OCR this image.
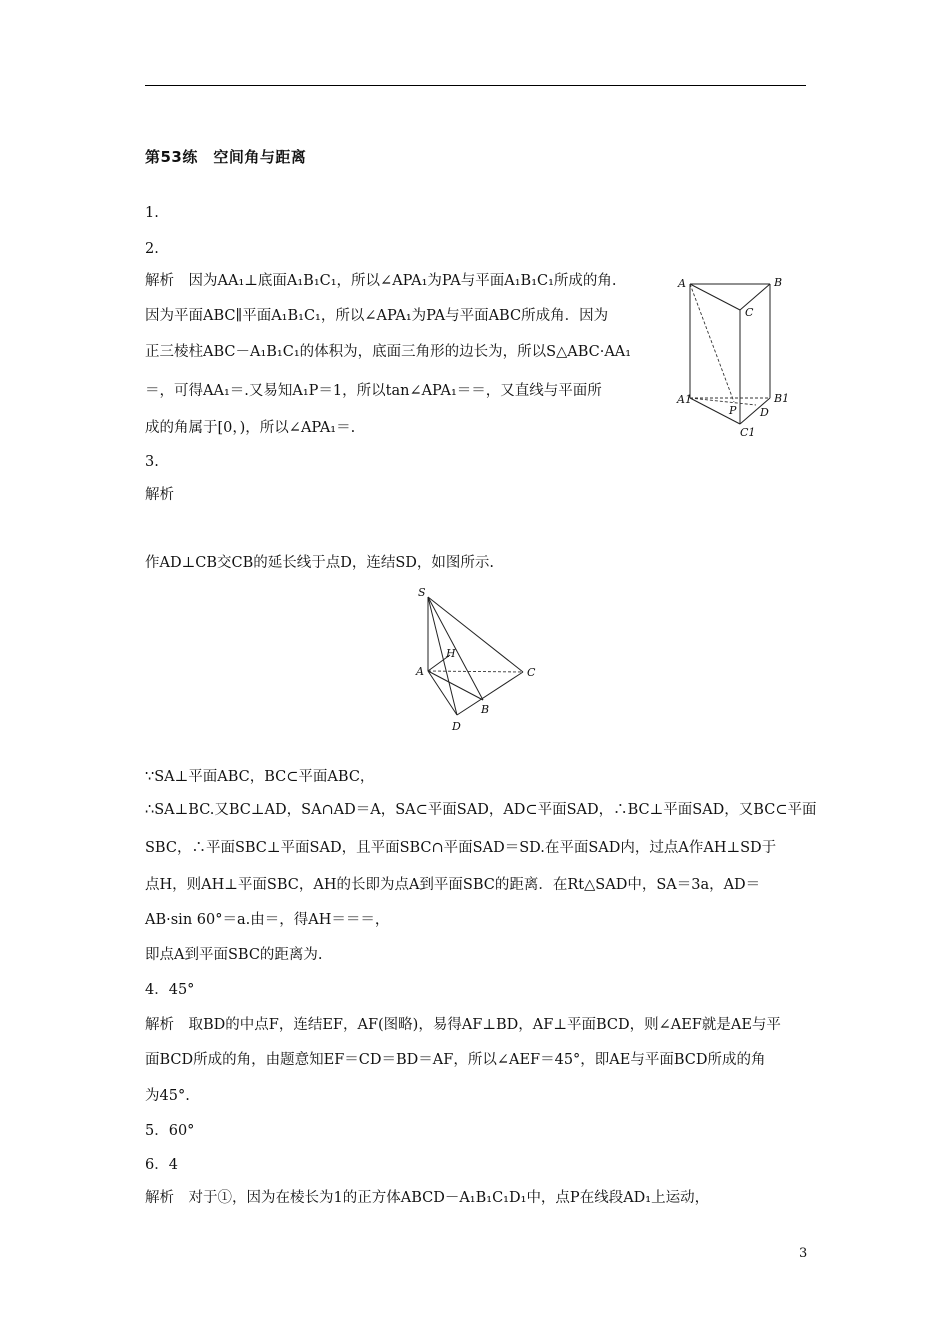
第53练　空间角与距离
1.
2.
解析　因为AA₁⊥底面A₁B₁C₁，所以∠APA₁为PA与平面A₁B₁C₁所成的角.
因为平面ABC∥平面A₁B₁C₁，所以∠APA₁为PA与平面ABC所成角．因为
正三棱柱ABC－A₁B₁C₁的体积为，底面三角形的边长为，所以S△ABC·AA₁
＝，可得AA₁＝.又易知A₁P＝1，所以tan∠APA₁＝＝，又直线与平面所
成的角属于[0，)，所以∠APA₁＝.
3.
解析
作AD⊥CB交CB的延长线于点D，连结SD，如图所示.
∵SA⊥平面ABC，BC⊂平面ABC，
∴SA⊥BC.又BC⊥AD，SA∩AD＝A，SA⊂平面SAD，AD⊂平面SAD，∴BC⊥平面SAD，又BC⊂平面
SBC，∴平面SBC⊥平面SAD，且平面SBC∩平面SAD＝SD.在平面SAD内，过点A作AH⊥SD于
点H，则AH⊥平面SBC，AH的长即为点A到平面SBC的距离．在Rt△SAD中，SA＝3a，AD＝
AB·sin 60°＝a.由＝，得AH＝＝＝，
即点A到平面SBC的距离为.
4．45°
解析　取BD的中点F，连结EF，AF(图略)，易得AF⊥BD，AF⊥平面BCD，则∠AEF就是AE与平
面BCD所成的角，由题意知EF＝CD＝BD＝AF，所以∠AEF＝45°，即AE与平面BCD所成的角
为45°.
5．60°
6．4
解析　对于①，因为在棱长为1的正方体ABCD－A₁B₁C₁D₁中，点P在线段AD₁上运动，
A	B
C
A1	B1
C1
P D
S
H
A	C
B
D
3
